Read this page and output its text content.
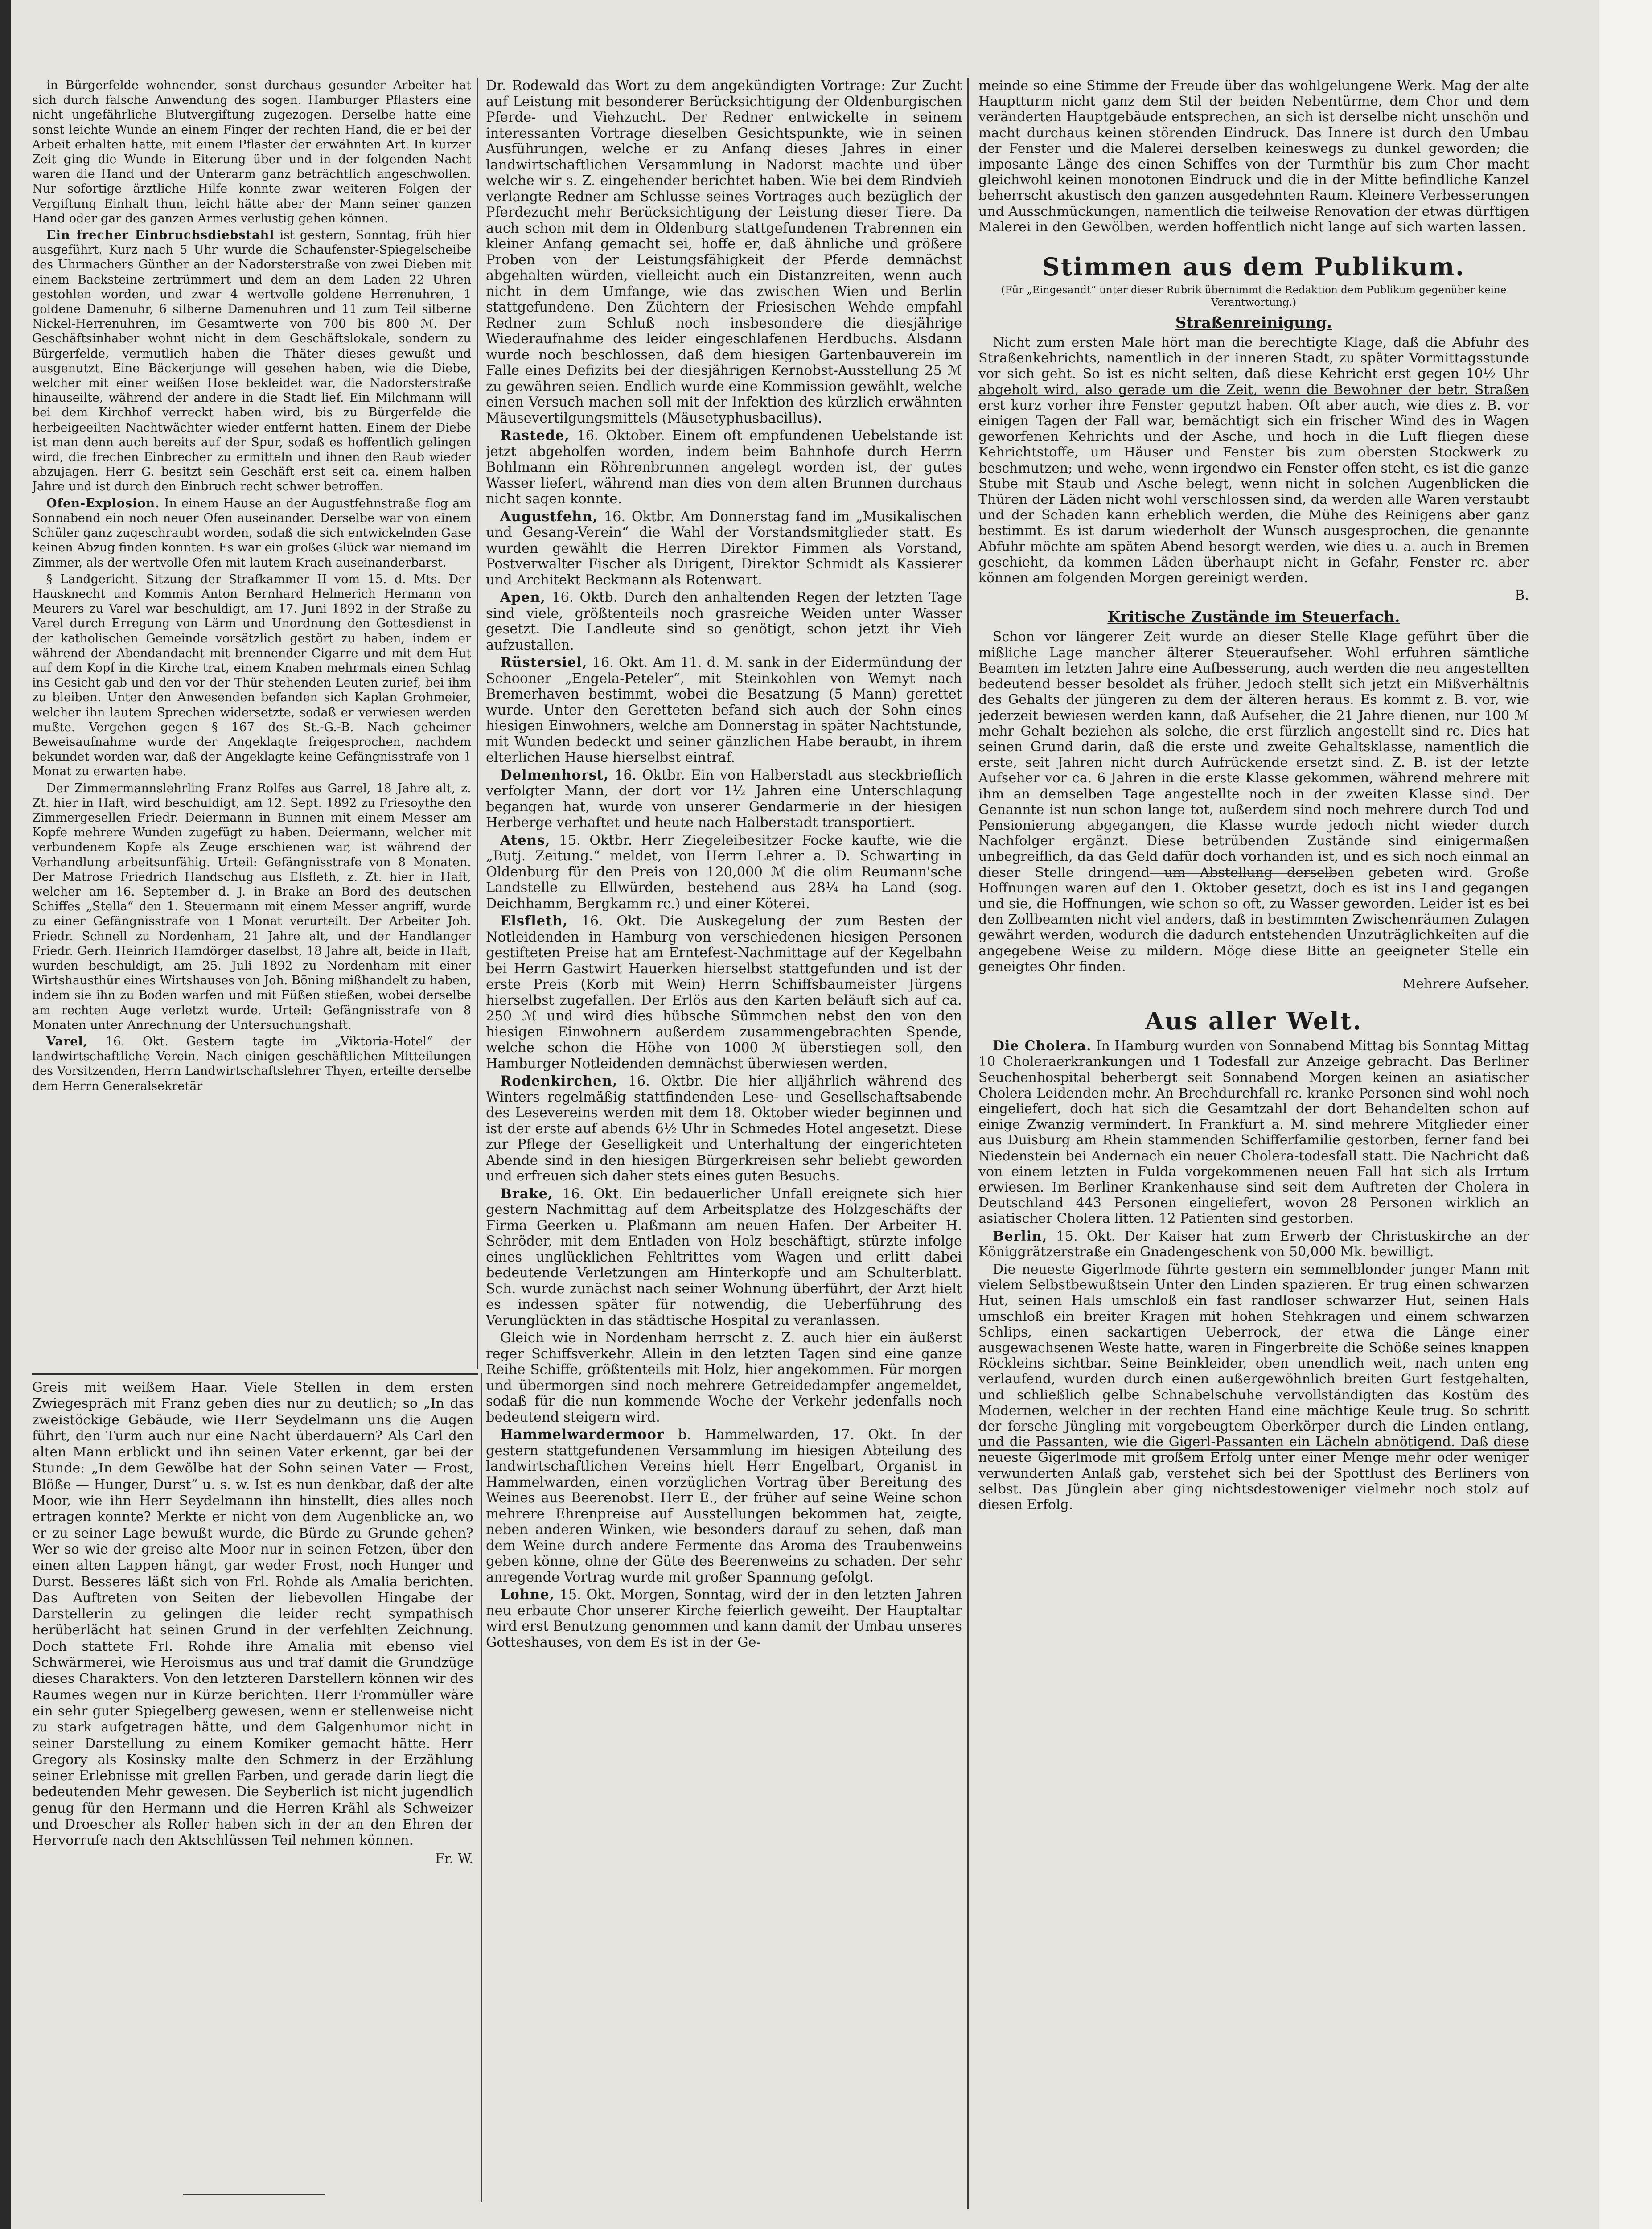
in Bürgerfelde wohnender, sonst durchaus gesunder Arbeiter hat sich durch falsche Anwendung des sogen. Hamburger Pflasters eine nicht ungefährliche Blutvergiftung zugezogen. Derselbe hatte eine sonst leichte Wunde an einem Finger der rechten Hand, die er bei der Arbeit erhalten hatte, mit einem Pflaster der erwähnten Art. In kurzer Zeit ging die Wunde in Eiterung über und in der folgenden Nacht waren die Hand und der Unterarm ganz beträchtlich angeschwollen. Nur sofortige ärztliche Hilfe konnte zwar weiteren Folgen der Vergiftung Einhalt thun, leicht hätte aber der Mann seiner ganzen Hand oder gar des ganzen Armes verlustig gehen können.

Ein frecher Einbruchsdiebstahl ist gestern, Sonntag, früh hier ausgeführt. Kurz nach 5 Uhr wurde die Schaufenster-Spiegelscheibe des Uhrmachers Günther an der Nadorsterstraße von zwei Dieben mit einem Backsteine zertrümmert und dem an dem Laden 22 Uhren gestohlen worden, und zwar 4 wertvolle goldene Herrenuhren, 1 goldene Damenuhr, 6 silberne Damenuhren und 11 zum Teil silberne Nickel-Herrenuhren, im Gesamtwerte von 700 bis 800 ℳ. Der Geschäftsinhaber wohnt nicht in dem Geschäftslokale, sondern zu Bürgerfelde, vermutlich haben die Thäter dieses gewußt und ausgenutzt. Eine Bäckerjunge will gesehen haben, wie die Diebe, welcher mit einer weißen Hose bekleidet war, die Nadorsterstraße hinauseilte, während der andere in die Stadt lief. Ein Milchmann will bei dem Kirchhof verreckt haben wird, bis zu Bürgerfelde die herbeigeeilten Nachtwächter wieder entfernt hatten. Einem der Diebe ist man denn auch bereits auf der Spur, sodaß es hoffentlich gelingen wird, die frechen Einbrecher zu ermitteln und ihnen den Raub wieder abzujagen. Herr G. besitzt sein Geschäft erst seit ca. einem halben Jahre und ist durch den Einbruch recht schwer betroffen.

Ofen-Explosion. In einem Hause an der Augustfehnstraße flog am Sonnabend ein noch neuer Ofen auseinander. Derselbe war von einem Schüler ganz zugeschraubt worden, sodaß die sich entwickelnden Gase keinen Abzug finden konnten. Es war ein großes Glück war niemand im Zimmer, als der wertvolle Ofen mit lautem Krach auseinanderbarst.

§ Landgericht. Sitzung der Strafkammer II vom 15. d. Mts. Der Hausknecht und Kommis Anton Bernhard Helmerich Hermann von Meurers zu Varel war beschuldigt, am 17. Juni 1892 in der Straße zu Varel durch Erregung von Lärm und Unordnung den Gottesdienst in der katholischen Gemeinde vorsätzlich gestört zu haben, indem er während der Abendandacht mit brennender Cigarre und mit dem Hut auf dem Kopf in die Kirche trat, einem Knaben mehrmals einen Schlag ins Gesicht gab und den vor der Thür stehenden Leuten zurief, bei ihm zu bleiben. Unter den Anwesenden befanden sich Kaplan Grohmeier, welcher ihn lautem Sprechen widersetzte, sodaß er verwiesen werden mußte. Vergehen gegen § 167 des St.-G.-B. Nach geheimer Beweisaufnahme wurde der Angeklagte freigesprochen, nachdem bekundet worden war, daß der Angeklagte keine Gefängnisstrafe von 1 Monat zu erwarten habe.

Der Zimmermannslehrling Franz Rolfes aus Garrel, 18 Jahre alt, z. Zt. hier in Haft, wird beschuldigt, am 12. Sept. 1892 zu Friesoythe den Zimmergesellen Friedr. Deiermann in Bunnen mit einem Messer am Kopfe mehrere Wunden zugefügt zu haben. Deiermann, welcher mit verbundenem Kopfe als Zeuge erschienen war, ist während der Verhandlung arbeitsunfähig. Urteil: Gefängnisstrafe von 8 Monaten. Der Matrose Friedrich Handschug aus Elsfleth, z. Zt. hier in Haft, welcher am 16. September d. J. in Brake an Bord des deutschen Schiffes „Stella“ den 1. Steuermann mit einem Messer angriff, wurde zu einer Gefängnisstrafe von 1 Monat verurteilt. Der Arbeiter Joh. Friedr. Schnell zu Nordenham, 21 Jahre alt, und der Handlanger Friedr. Gerh. Heinrich Hamdörger daselbst, 18 Jahre alt, beide in Haft, wurden beschuldigt, am 25. Juli 1892 zu Nordenham mit einer Wirtshausthür eines Wirtshauses von Joh. Böning mißhandelt zu haben, indem sie ihn zu Boden warfen und mit Füßen stießen, wobei derselbe am rechten Auge verletzt wurde. Urteil: Gefängnisstrafe von 8 Monaten unter Anrechnung der Untersuchungshaft.

Varel, 16. Okt. Gestern tagte im „Viktoria-Hotel“ der landwirtschaftliche Verein. Nach einigen geschäftlichen Mitteilungen des Vorsitzenden, Herrn Landwirtschaftslehrer Thyen, erteilte derselbe dem Herrn Generalsekretär

Greis mit weißem Haar. Viele Stellen in dem ersten Zwiegespräch mit Franz geben dies nur zu deutlich; so „In das zweistöckige Gebäude, wie Herr Seydelmann uns die Augen führt, den Turm auch nur eine Nacht überdauern? Als Carl den alten Mann erblickt und ihn seinen Vater erkennt, gar bei der Stunde: „In dem Gewölbe hat der Sohn seinen Vater — Frost, Blöße — Hunger, Durst“ u. s. w. Ist es nun denkbar, daß der alte Moor, wie ihn Herr Seydelmann ihn hinstellt, dies alles noch ertragen konnte? Merkte er nicht von dem Augenblicke an, wo er zu seiner Lage bewußt wurde, die Bürde zu Grunde gehen? Wer so wie der greise alte Moor nur in seinen Fetzen, über den einen alten Lappen hängt, gar weder Frost, noch Hunger und Durst. Besseres läßt sich von Frl. Rohde als Amalia berichten. Das Auftreten von Seiten der liebevollen Hingabe der Darstellerin zu gelingen die leider recht sympathisch herüberlächt hat seinen Grund in der verfehlten Zeichnung. Doch stattete Frl. Rohde ihre Amalia mit ebenso viel Schwärmerei, wie Heroismus aus und traf damit die Grundzüge dieses Charakters. Von den letzteren Darstellern können wir des Raumes wegen nur in Kürze berichten. Herr Frommüller wäre ein sehr guter Spiegelberg gewesen, wenn er stellenweise nicht zu stark aufgetragen hätte, und dem Galgenhumor nicht in seiner Darstellung zu einem Komiker gemacht hätte. Herr Gregory als Kosinsky malte den Schmerz in der Erzählung seiner Erlebnisse mit grellen Farben, und gerade darin liegt die bedeutenden Mehr gewesen. Die Seyberlich ist nicht jugendlich genug für den Hermann und die Herren Krähl als Schweizer und Droescher als Roller haben sich in der an den Ehren der Hervorrufe nach den Aktschlüssen Teil nehmen können.

Fr. W.

Dr. Rodewald das Wort zu dem angekündigten Vortrage: Zur Zucht auf Leistung mit besonderer Berücksichtigung der Oldenburgischen Pferde- und Viehzucht. Der Redner entwickelte in seinem interessanten Vortrage dieselben Gesichtspunkte, wie in seinen Ausführungen, welche er zu Anfang dieses Jahres in einer landwirtschaftlichen Versammlung in Nadorst machte und über welche wir s. Z. eingehender berichtet haben. Wie bei dem Rindvieh verlangte Redner am Schlusse seines Vortrages auch bezüglich der Pferdezucht mehr Berücksichtigung der Leistung dieser Tiere. Da auch schon mit dem in Oldenburg stattgefundenen Trabrennen ein kleiner Anfang gemacht sei, hoffe er, daß ähnliche und größere Proben von der Leistungsfähigkeit der Pferde demnächst abgehalten würden, vielleicht auch ein Distanzreiten, wenn auch nicht in dem Umfange, wie das zwischen Wien und Berlin stattgefundene. Den Züchtern der Friesischen Wehde empfahl Redner zum Schluß noch insbesondere die diesjährige Wiederaufnahme des leider eingeschlafenen Herdbuchs. Alsdann wurde noch beschlossen, daß dem hiesigen Gartenbauverein im Falle eines Defizits bei der diesjährigen Kernobst-Ausstellung 25 ℳ zu gewähren seien. Endlich wurde eine Kommission gewählt, welche einen Versuch machen soll mit der Infektion des kürzlich erwähnten Mäusevertilgungsmittels (Mäusetyphusbacillus).

Rastede, 16. Oktober. Einem oft empfundenen Uebelstande ist jetzt abgeholfen worden, indem beim Bahnhofe durch Herrn Bohlmann ein Röhrenbrunnen angelegt worden ist, der gutes Wasser liefert, während man dies von dem alten Brunnen durchaus nicht sagen konnte.

Augustfehn, 16. Oktbr. Am Donnerstag fand im „Musikalischen und Gesang-Verein“ die Wahl der Vorstandsmitglieder statt. Es wurden gewählt die Herren Direktor Fimmen als Vorstand, Postverwalter Fischer als Dirigent, Direktor Schmidt als Kassierer und Architekt Beckmann als Rotenwart.

Apen, 16. Oktb. Durch den anhaltenden Regen der letzten Tage sind viele, größtenteils noch grasreiche Weiden unter Wasser gesetzt. Die Landleute sind so genötigt, schon jetzt ihr Vieh aufzustallen.

Rüstersiel, 16. Okt. Am 11. d. M. sank in der Eidermündung der Schooner „Engela-Peteler“, mit Steinkohlen von Wemyt nach Bremerhaven bestimmt, wobei die Besatzung (5 Mann) gerettet wurde. Unter den Geretteten befand sich auch der Sohn eines hiesigen Einwohners, welche am Donnerstag in später Nachtstunde, mit Wunden bedeckt und seiner gänzlichen Habe beraubt, in ihrem elterlichen Hause hierselbst eintraf.

Delmenhorst, 16. Oktbr. Ein von Halberstadt aus steckbrieflich verfolgter Mann, der dort vor 1½ Jahren eine Unterschlagung begangen hat, wurde von unserer Gendarmerie in der hiesigen Herberge verhaftet und heute nach Halberstadt transportiert.

Atens, 15. Oktbr. Herr Ziegeleibesitzer Focke kaufte, wie die „Butj. Zeitung.“ meldet, von Herrn Lehrer a. D. Schwarting in Oldenburg für den Preis von 120,000 ℳ die olim Reumann'sche Landstelle zu Ellwürden, bestehend aus 28¼ ha Land (sog. Deichhamm, Bergkamm rc.) und einer Köterei.

Elsfleth, 16. Okt. Die Auskegelung der zum Besten der Notleidenden in Hamburg von verschiedenen hiesigen Personen gestifteten Preise hat am Erntefest-Nachmittage auf der Kegelbahn bei Herrn Gastwirt Hauerken hierselbst stattgefunden und ist der erste Preis (Korb mit Wein) Herrn Schiffsbaumeister Jürgens hierselbst zugefallen. Der Erlös aus den Karten beläuft sich auf ca. 250 ℳ und wird dies hübsche Sümmchen nebst den von den hiesigen Einwohnern außerdem zusammengebrachten Spende, welche schon die Höhe von 1000 ℳ überstiegen soll, den Hamburger Notleidenden demnächst überwiesen werden.

Rodenkirchen, 16. Oktbr. Die hier alljährlich während des Winters regelmäßig stattfindenden Lese- und Gesellschaftsabende des Lesevereins werden mit dem 18. Oktober wieder beginnen und ist der erste auf abends 6½ Uhr in Schmedes Hotel angesetzt. Diese zur Pflege der Geselligkeit und Unterhaltung der eingerichteten Abende sind in den hiesigen Bürgerkreisen sehr beliebt geworden und erfreuen sich daher stets eines guten Besuchs.

Brake, 16. Okt. Ein bedauerlicher Unfall ereignete sich hier gestern Nachmittag auf dem Arbeitsplatze des Holzgeschäfts der Firma Geerken u. Plaßmann am neuen Hafen. Der Arbeiter H. Schröder, mit dem Entladen von Holz beschäftigt, stürzte infolge eines unglücklichen Fehltrittes vom Wagen und erlitt dabei bedeutende Verletzungen am Hinterkopfe und am Schulterblatt. Sch. wurde zunächst nach seiner Wohnung überführt, der Arzt hielt es indessen später für notwendig, die Ueberführung des Verunglückten in das städtische Hospital zu veranlassen.

Gleich wie in Nordenham herrscht z. Z. auch hier ein äußerst reger Schiffsverkehr. Allein in den letzten Tagen sind eine ganze Reihe Schiffe, größtenteils mit Holz, hier angekommen. Für morgen und übermorgen sind noch mehrere Getreidedampfer angemeldet, sodaß für die nun kommende Woche der Verkehr jedenfalls noch bedeutend steigern wird.

Hammelwardermoor b. Hammelwarden, 17. Okt. In der gestern stattgefundenen Versammlung im hiesigen Abteilung des landwirtschaftlichen Vereins hielt Herr Engelbart, Organist in Hammelwarden, einen vorzüglichen Vortrag über Bereitung des Weines aus Beerenobst. Herr E., der früher auf seine Weine schon mehrere Ehrenpreise auf Ausstellungen bekommen hat, zeigte, neben anderen Winken, wie besonders darauf zu sehen, daß man dem Weine durch andere Fermente das Aroma des Traubenweins geben könne, ohne der Güte des Beerenweins zu schaden. Der sehr anregende Vortrag wurde mit großer Spannung gefolgt.

Lohne, 15. Okt. Morgen, Sonntag, wird der in den letzten Jahren neu erbaute Chor unserer Kirche feierlich geweiht. Der Hauptaltar wird erst Benutzung genommen und kann damit der Umbau unseres Gotteshauses, von dem Es ist in der Ge-

meinde so eine Stimme der Freude über das wohlgelungene Werk. Mag der alte Hauptturm nicht ganz dem Stil der beiden Nebentürme, dem Chor und dem veränderten Hauptgebäude entsprechen, an sich ist derselbe nicht unschön und macht durchaus keinen störenden Eindruck. Das Innere ist durch den Umbau der Fenster und die Malerei derselben keineswegs zu dunkel geworden; die imposante Länge des einen Schiffes von der Turmthür bis zum Chor macht gleichwohl keinen monotonen Eindruck und die in der Mitte befindliche Kanzel beherrscht akustisch den ganzen ausgedehnten Raum. Kleinere Verbesserungen und Ausschmückungen, namentlich die teilweise Renovation der etwas dürftigen Malerei in den Gewölben, werden hoffentlich nicht lange auf sich warten lassen.

Stimmen aus dem Publikum.
(Für „Eingesandt“ unter dieser Rubrik übernimmt die Redaktion dem Publikum gegenüber keine Verantwortung.)
Straßenreinigung.

Nicht zum ersten Male hört man die berechtigte Klage, daß die Abfuhr des Straßenkehrichts, namentlich in der inneren Stadt, zu später Vormittagsstunde vor sich geht. So ist es nicht selten, daß diese Kehricht erst gegen 10½ Uhr abgeholt wird, also gerade um die Zeit, wenn die Bewohner der betr. Straßen erst kurz vorher ihre Fenster geputzt haben. Oft aber auch, wie dies z. B. vor einigen Tagen der Fall war, bemächtigt sich ein frischer Wind des in Wagen geworfenen Kehrichts und der Asche, und hoch in die Luft fliegen diese Kehrichtstoffe, um Häuser und Fenster bis zum obersten Stockwerk zu beschmutzen; und wehe, wenn irgendwo ein Fenster offen steht, es ist die ganze Stube mit Staub und Asche belegt, wenn nicht in solchen Augenblicken die Thüren der Läden nicht wohl verschlossen sind, da werden alle Waren verstaubt und der Schaden kann erheblich werden, die Mühe des Reinigens aber ganz bestimmt. Es ist darum wiederholt der Wunsch ausgesprochen, die genannte Abfuhr möchte am späten Abend besorgt werden, wie dies u. a. auch in Bremen geschieht, da kommen Läden überhaupt nicht in Gefahr, Fenster rc. aber können am folgenden Morgen gereinigt werden.

B.

Kritische Zustände im Steuerfach.

Schon vor längerer Zeit wurde an dieser Stelle Klage geführt über die mißliche Lage mancher älterer Steueraufseher. Wohl erfuhren sämtliche Beamten im letzten Jahre eine Aufbesserung, auch werden die neu angestellten bedeutend besser besoldet als früher. Jedoch stellt sich jetzt ein Mißverhältnis des Gehalts der jüngeren zu dem der älteren heraus. Es kommt z. B. vor, wie jederzeit bewiesen werden kann, daß Aufseher, die 21 Jahre dienen, nur 100 ℳ mehr Gehalt beziehen als solche, die erst fürzlich angestellt sind rc. Dies hat seinen Grund darin, daß die erste und zweite Gehaltsklasse, namentlich die erste, seit Jahren nicht durch Aufrückende ersetzt sind. Z. B. ist der letzte Aufseher vor ca. 6 Jahren in die erste Klasse gekommen, während mehrere mit ihm an demselben Tage angestellte noch in der zweiten Klasse sind. Der Genannte ist nun schon lange tot, außerdem sind noch mehrere durch Tod und Pensionierung abgegangen, die Klasse wurde jedoch nicht wieder durch Nachfolger ergänzt. Diese betrübenden Zustände sind einigermaßen unbegreiflich, da das Geld dafür doch vorhanden ist, und es sich noch einmal an dieser Stelle dringend um Abstellung derselben gebeten wird. Große Hoffnungen waren auf den 1. Oktober gesetzt, doch es ist ins Land gegangen und sie, die Hoffnungen, wie schon so oft, zu Wasser geworden. Leider ist es bei den Zollbeamten nicht viel anders, daß in bestimmten Zwischenräumen Zulagen gewährt werden, wodurch die dadurch entstehenden Unzuträglichkeiten auf die angegebene Weise zu mildern. Möge diese Bitte an geeigneter Stelle ein geneigtes Ohr finden.

Mehrere Aufseher.

Aus aller Welt.

Die Cholera. In Hamburg wurden von Sonnabend Mittag bis Sonntag Mittag 10 Choleraerkrankungen und 1 Todesfall zur Anzeige gebracht. Das Berliner Seuchenhospital beherbergt seit Sonnabend Morgen keinen an asiatischer Cholera Leidenden mehr. An Brechdurchfall rc. kranke Personen sind wohl noch eingeliefert, doch hat sich die Gesamtzahl der dort Behandelten schon auf einige Zwanzig vermindert. In Frankfurt a. M. sind mehrere Mitglieder einer aus Duisburg am Rhein stammenden Schifferfamilie gestorben, ferner fand bei Niedenstein bei Andernach ein neuer Cholera-todesfall statt. Die Nachricht daß von einem letzten in Fulda vorgekommenen neuen Fall hat sich als Irrtum erwiesen. Im Berliner Krankenhause sind seit dem Auftreten der Cholera in Deutschland 443 Personen eingeliefert, wovon 28 Personen wirklich an asiatischer Cholera litten. 12 Patienten sind gestorben.

Berlin, 15. Okt. Der Kaiser hat zum Erwerb der Christuskirche an der Königgrätzerstraße ein Gnadengeschenk von 50,000 Mk. bewilligt.

Die neueste Gigerlmode führte gestern ein semmelblonder junger Mann mit vielem Selbstbewußtsein Unter den Linden spazieren. Er trug einen schwarzen Hut, seinen Hals umschloß ein fast randloser schwarzer Hut, seinen Hals umschloß ein breiter Kragen mit hohen Stehkragen und einem schwarzen Schlips, einen sackartigen Ueberrock, der etwa die Länge einer ausgewachsenen Weste hatte, waren in Fingerbreite die Schöße seines knappen Röckleins sichtbar. Seine Beinkleider, oben unendlich weit, nach unten eng verlaufend, wurden durch einen außergewöhnlich breiten Gurt festgehalten, und schließlich gelbe Schnabelschuhe vervollständigten das Kostüm des Modernen, welcher in der rechten Hand eine mächtige Keule trug. So schritt der forsche Jüngling mit vorgebeugtem Oberkörper durch die Linden entlang, und die Passanten, wie die Gigerl-Passanten ein Lächeln abnötigend. Daß diese neueste Gigerlmode mit großem Erfolg unter einer Menge mehr oder weniger verwunderten Anlaß gab, verstehet sich bei der Spottlust des Berliners von selbst. Das Jünglein aber ging nichtsdestoweniger vielmehr noch stolz auf diesen Erfolg.
